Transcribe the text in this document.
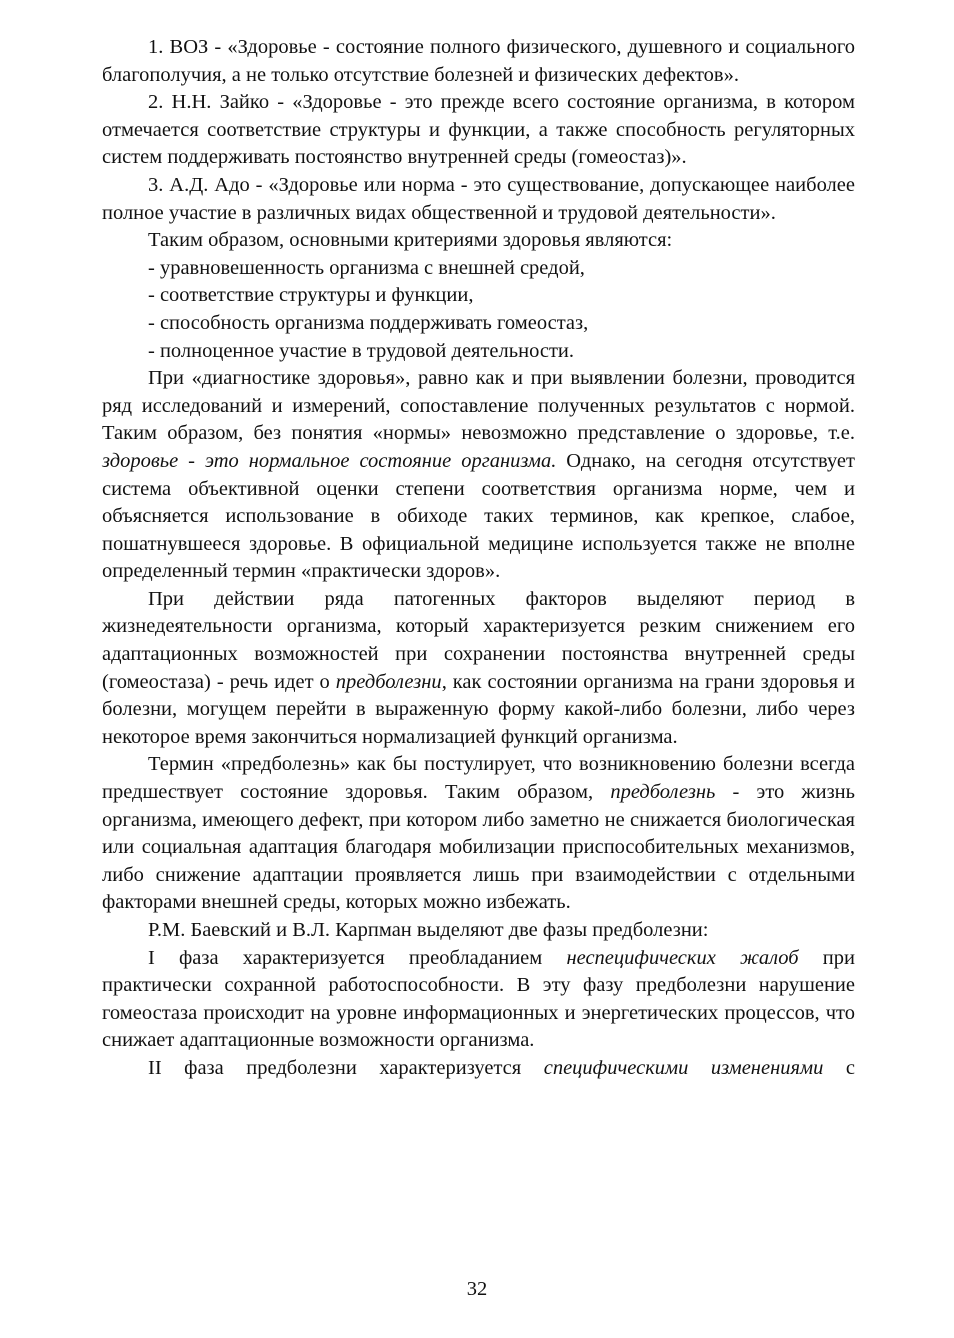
1. ВОЗ - «Здоровье - состояние полного физического, душевного и социального благополучия, а не только отсутствие болезней и физических дефектов».

2. Н.Н. Зайко - «Здоровье - это прежде всего состояние организма, в котором отмечается соответствие структуры и функции, а также способность регуляторных систем поддерживать постоянство внутренней среды (гомеостаз)».

3. А.Д. Адо - «Здоровье или норма - это существование, допускающее наиболее полное участие в различных видах общественной и трудовой деятельности».

Таким образом, основными критериями здоровья являются:

- уравновешенность организма с внешней средой,

- соответствие структуры и функции,

- способность организма поддерживать гомеостаз,

- полноценное участие в трудовой деятельности.

При «диагностике здоровья», равно как и при выявлении болезни, проводится ряд исследований и измерений, сопоставление полученных результатов с нормой. Таким образом, без понятия «нормы» невозможно представление о здоровье, т.е. здоровье - это нормальное состояние организма. Однако, на сегодня отсутствует система объективной оценки степени соответствия организма норме, чем и объясняется использование в обиходе таких терминов, как крепкое, слабое, пошатнувшееся здоровье. В официальной медицине используется также не вполне определенный термин «практически здоров».

При действии ряда патогенных факторов выделяют период в жизнедеятельности организма, который характеризуется резким снижением его адаптационных возможностей при сохранении постоянства внутренней среды (гомеостаза) - речь идет о предболезни, как состоянии организма на грани здоровья и болезни, могущем перейти в выраженную форму какой-либо болезни, либо через некоторое время закончиться нормализацией функций организма.

Термин «предболезнь» как бы постулирует, что возникновению болезни всегда предшествует состояние здоровья. Таким образом, предболезнь - это жизнь организма, имеющего дефект, при котором либо заметно не снижается биологическая или социальная адаптация благодаря мобилизации приспособительных механизмов, либо снижение адаптации проявляется лишь при взаимодействии с отдельными факторами внешней среды, которых можно избежать.

Р.М. Баевский и В.Л. Карпман выделяют две фазы предболезни:

I фаза характеризуется преобладанием неспецифических жалоб при практически сохранной работоспособности. В эту фазу предболезни нарушение гомеостаза происходит на уровне информационных и энергетических процессов, что снижает адаптационные возможности организма.

II фаза предболезни характеризуется специфическими изменениями с

32
